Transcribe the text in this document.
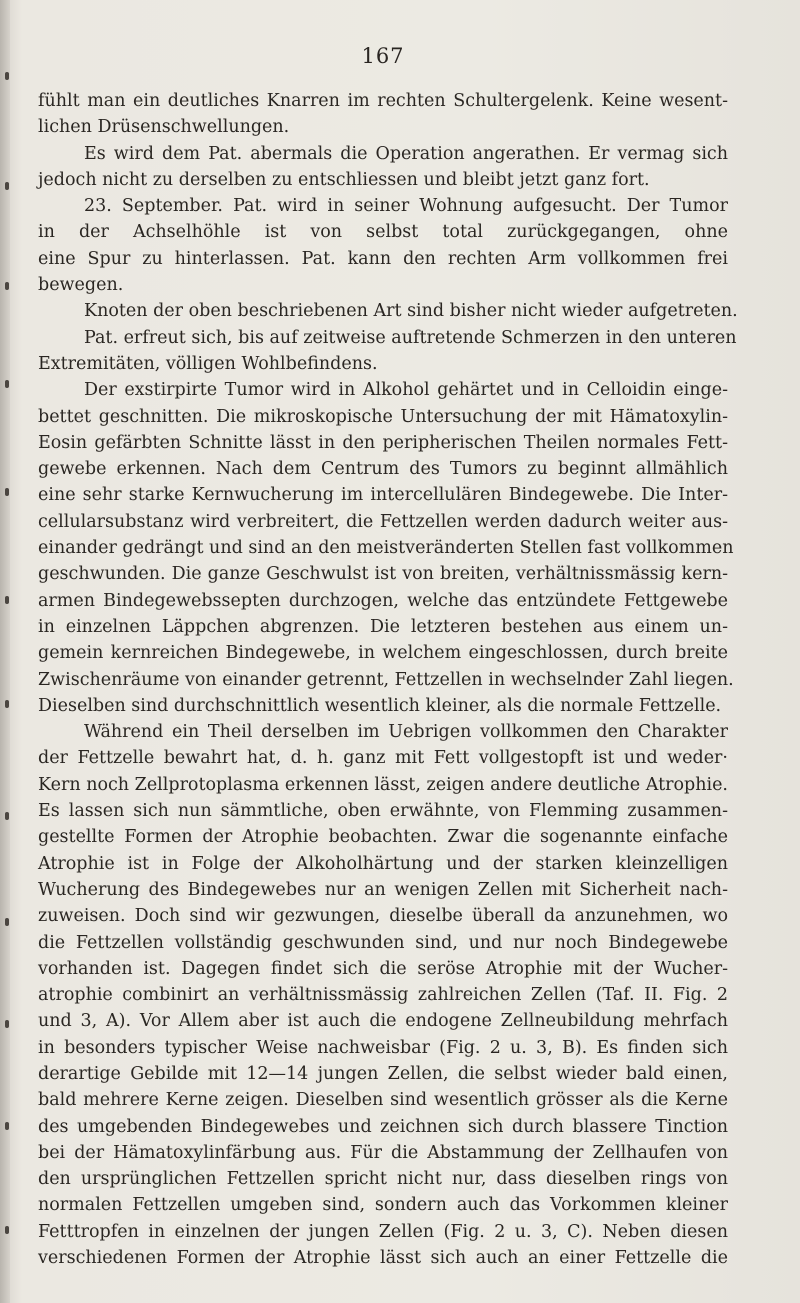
167
fühlt man ein deutliches Knarren im rechten Schultergelenk. Keine wesent-
lichen Drüsenschwellungen.
Es wird dem Pat. abermals die Operation angerathen. Er vermag sich
jedoch nicht zu derselben zu entschliessen und bleibt jetzt ganz fort.
23. September. Pat. wird in seiner Wohnung aufgesucht. Der Tumor
in der Achselhöhle ist von selbst total zurückgegangen, ohne
eine Spur zu hinterlassen. Pat. kann den rechten Arm vollkommen frei
bewegen.
Knoten der oben beschriebenen Art sind bisher nicht wieder aufgetreten.
Pat. erfreut sich, bis auf zeitweise auftretende Schmerzen in den unteren
Extremitäten, völligen Wohlbefindens.
Der exstirpirte Tumor wird in Alkohol gehärtet und in Celloidin einge-
bettet geschnitten. Die mikroskopische Untersuchung der mit Hämatoxylin-
Eosin gefärbten Schnitte lässt in den peripherischen Theilen normales Fett-
gewebe erkennen. Nach dem Centrum des Tumors zu beginnt allmählich
eine sehr starke Kernwucherung im intercellulären Bindegewebe. Die Inter-
cellularsubstanz wird verbreitert, die Fettzellen werden dadurch weiter aus-
einander gedrängt und sind an den meistveränderten Stellen fast vollkommen
geschwunden. Die ganze Geschwulst ist von breiten, verhältnissmässig kern-
armen Bindegewebssepten durchzogen, welche das entzündete Fettgewebe
in einzelnen Läppchen abgrenzen. Die letzteren bestehen aus einem un-
gemein kernreichen Bindegewebe, in welchem eingeschlossen, durch breite
Zwischenräume von einander getrennt, Fettzellen in wechselnder Zahl liegen.
Dieselben sind durchschnittlich wesentlich kleiner, als die normale Fettzelle.
Während ein Theil derselben im Uebrigen vollkommen den Charakter
der Fettzelle bewahrt hat, d. h. ganz mit Fett vollgestopft ist und weder·
Kern noch Zellprotoplasma erkennen lässt, zeigen andere deutliche Atrophie.
Es lassen sich nun sämmtliche, oben erwähnte, von Flemming zusammen-
gestellte Formen der Atrophie beobachten. Zwar die sogenannte einfache
Atrophie ist in Folge der Alkoholhärtung und der starken kleinzelligen
Wucherung des Bindegewebes nur an wenigen Zellen mit Sicherheit nach-
zuweisen. Doch sind wir gezwungen, dieselbe überall da anzunehmen, wo
die Fettzellen vollständig geschwunden sind, und nur noch Bindegewebe
vorhanden ist. Dagegen findet sich die seröse Atrophie mit der Wucher-
atrophie combinirt an verhältnissmässig zahlreichen Zellen (Taf. II. Fig. 2
und 3, A). Vor Allem aber ist auch die endogene Zellneubildung mehrfach
in besonders typischer Weise nachweisbar (Fig. 2 u. 3, B). Es finden sich
derartige Gebilde mit 12—14 jungen Zellen, die selbst wieder bald einen,
bald mehrere Kerne zeigen. Dieselben sind wesentlich grösser als die Kerne
des umgebenden Bindegewebes und zeichnen sich durch blassere Tinction
bei der Hämatoxylinfärbung aus. Für die Abstammung der Zellhaufen von
den ursprünglichen Fettzellen spricht nicht nur, dass dieselben rings von
normalen Fettzellen umgeben sind, sondern auch das Vorkommen kleiner
Fetttropfen in einzelnen der jungen Zellen (Fig. 2 u. 3, C). Neben diesen
verschiedenen Formen der Atrophie lässt sich auch an einer Fettzelle die
